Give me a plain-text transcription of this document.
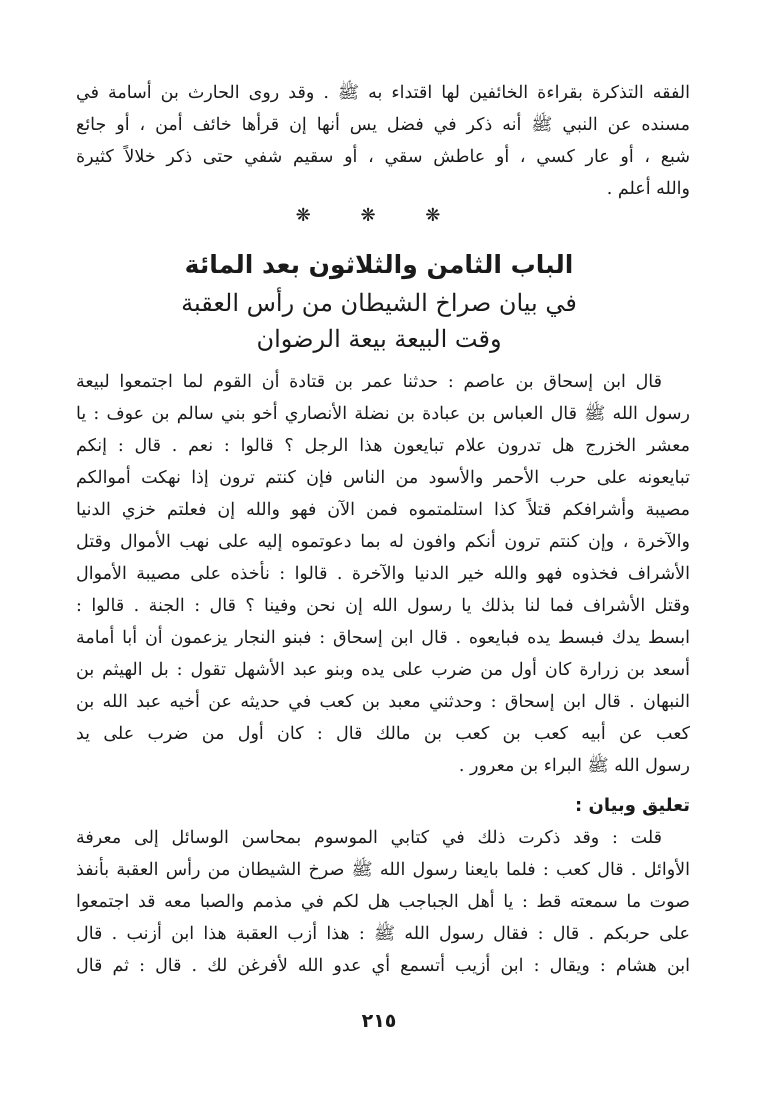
الفقه التذكرة بقراءة الخائفين لها اقتداء به ﷺ . وقد روى الحارث بن أسامة في
مسنده عن النبي ﷺ أنه ذكر في فضل يس أنها إن قرأها خائف أمن ، أو جائع
شبع ، أو عار كسي ، أو عاطش سقي ، أو سقيم شفي حتى ذكر خلالاً كثيرة
والله أعلم .
❋ ❋ ❋
الباب الثامن والثلاثون بعد المائة
في بيان صراخ الشيطان من رأس العقبة
وقت البيعة بيعة الرضوان
قال ابن إسحاق بن عاصم : حدثنا عمر بن قتادة أن القوم لما اجتمعوا لبيعة
رسول الله ﷺ قال العباس بن عبادة بن نضلة الأنصاري أخو بني سالم بن عوف : يا
معشر الخزرج هل تدرون علام تبايعون هذا الرجل ؟ قالوا : نعم . قال : إنكم
تبايعونه على حرب الأحمر والأسود من الناس فإن كنتم ترون إذا نهكت أموالكم
مصيبة وأشرافكم قتلاً كذا استلمتموه فمن الآن فهو والله إن فعلتم خزي الدنيا
والآخرة ، وإن كنتم ترون أنكم وافون له بما دعوتموه إليه على نهب الأموال وقتل
الأشراف فخذوه فهو والله خير الدنيا والآخرة . قالوا : نأخذه على مصيبة الأموال
وقتل الأشراف فما لنا بذلك يا رسول الله إن نحن وفينا ؟ قال : الجنة . قالوا :
ابسط يدك فبسط يده فبايعوه . قال ابن إسحاق : فبنو النجار يزعمون أن أبا أمامة
أسعد بن زرارة كان أول من ضرب على يده وبنو عبد الأشهل تقول : بل الهيثم بن
النبهان . قال ابن إسحاق : وحدثني معبد بن كعب في حديثه عن أخيه عبد الله بن
كعب عن أبيه كعب بن كعب بن مالك قال : كان أول من ضرب على يد
رسول الله ﷺ البراء بن معرور .
تعليق وبيان :
قلت : وقد ذكرت ذلك في كتابي الموسوم بمحاسن الوسائل إلى معرفة
الأوائل . قال كعب : فلما بايعنا رسول الله ﷺ صرخ الشيطان من رأس العقبة بأنفذ
صوت ما سمعته قط : يا أهل الجباجب هل لكم في مذمم والصبا معه قد اجتمعوا
على حربكم . قال : فقال رسول الله ﷺ : هذا أزب العقبة هذا ابن أزنب . قال
ابن هشام : ويقال : ابن أزيب أتسمع أي عدو الله لأفرغن لك . قال : ثم قال
٢١٥
